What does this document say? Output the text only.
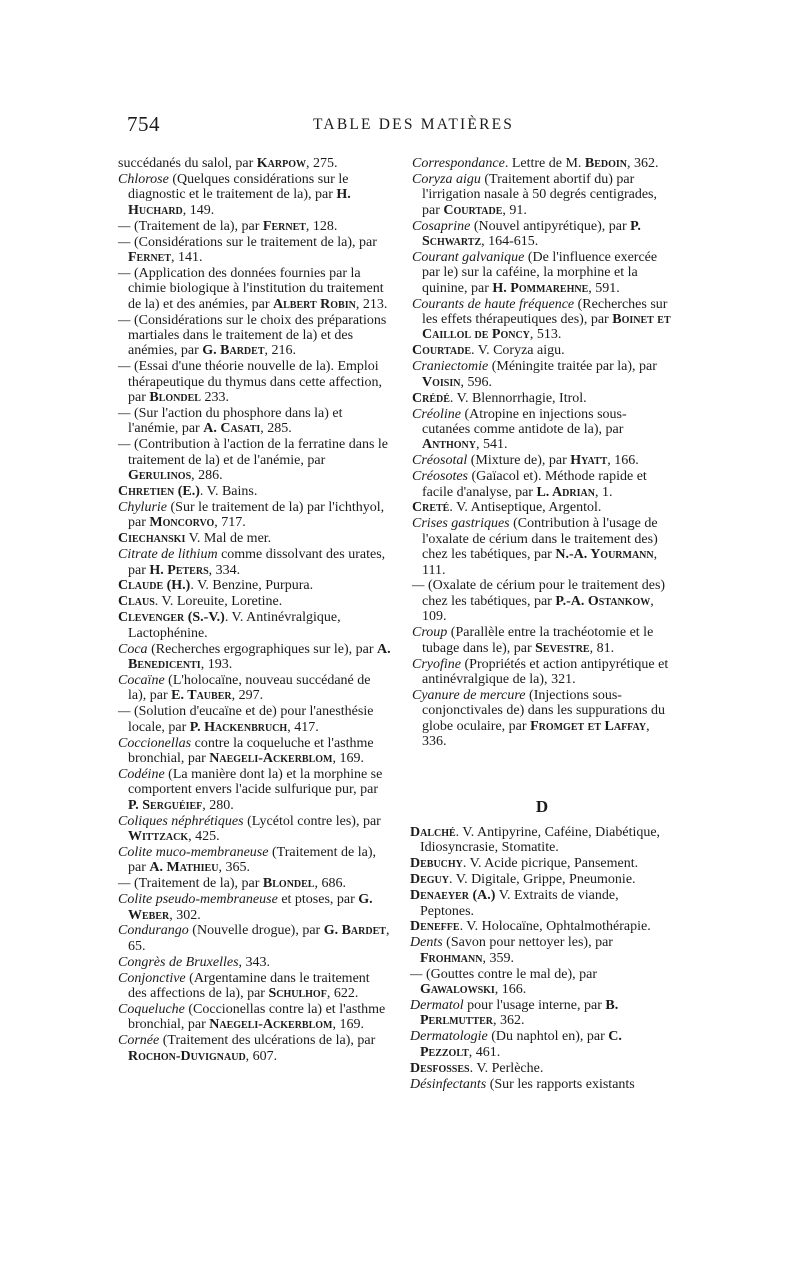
754	TABLE DES MATIÈRES
succédanés du salol, par Karpow, 275.
Chlorose (Quelques considérations sur le diagnostic et le traitement de la), par H. Huchard, 149.
— (Traitement de la), par Fernet, 128.
— (Considérations sur le traitement de la), par Fernet, 141.
— (Application des données fournies par la chimie biologique à l'institution du traitement de la) et des anémies, par Albert Robin, 213.
— (Considérations sur le choix des préparations martiales dans le traitement de la) et des anémies, par G. Bardet, 216.
— (Essai d'une théorie nouvelle de la). Emploi thérapeutique du thymus dans cette affection, par Blondel 233.
— (Sur l'action du phosphore dans la) et l'anémie, par A. Casati, 285.
— (Contribution à l'action de la ferratine dans le traitement de la) et de l'anémie, par Gerulinos, 286.
Chretien (E.). V. Bains.
Chylurie (Sur le traitement de la) par l'ichthyol, par Moncorvo, 717.
Ciechanski V. Mal de mer.
Citrate de lithium comme dissolvant des urates, par H. Peters, 334.
Claude (H.). V. Benzine, Purpura.
Claus. V. Loreuite, Loretine.
Clevenger (S.-V.). V. Antinévralgique, Lactophénine.
Coca (Recherches ergographiques sur le), par A. Benedicenti, 193.
Cocaïne (L'holocaïne, nouveau succédané de la), par E. Tauber, 297.
— (Solution d'eucaïne et de) pour l'anesthésie locale, par P. Hackenbruch, 417.
Coccionellas contre la coqueluche et l'asthme bronchial, par Naegeli-Ackerblom, 169.
Codéine (La manière dont la) et la morphine se comportent envers l'acide sulfurique pur, par P. Serguéief, 280.
Coliques néphrétiques (Lycétol contre les), par Wittzack, 425.
Colite muco-membraneuse (Traitement de la), par A. Mathieu, 365.
— (Traitement de la), par Blondel, 686.
Colite pseudo-membraneuse et ptoses, par G. Weber, 302.
Condurango (Nouvelle drogue), par G. Bardet, 65.
Congrès de Bruxelles, 343.
Conjonctive (Argentamine dans le traitement des affections de la), par Schulhof, 622.
Coqueluche (Coccionellas contre la) et l'asthme bronchial, par Naegeli-Ackerblom, 169.
Cornée (Traitement des ulcérations de la), par Rochon-Duvignaud, 607.
Correspondance. Lettre de M. Bedoin, 362.
Coryza aigu (Traitement abortif du) par l'irrigation nasale à 50 degrés centigrades, par Courtade, 91.
Cosaprine (Nouvel antipyrétique), par P. Schwartz, 164-615.
Courant galvanique (De l'influence exercée par le) sur la caféine, la morphine et la quinine, par H. Pommarehne, 591.
Courants de haute fréquence (Recherches sur les effets thérapeutiques des), par Boinet et Caillol de Poncy, 513.
Courtade. V. Coryza aigu.
Craniectomie (Méningite traitée par la), par Voisin, 596.
Crédé. V. Blennorrhagie, Itrol.
Créoline (Atropine en injections sous-cutanées comme antidote de la), par Anthony, 541.
Créosotal (Mixture de), par Hyatt, 166.
Créosotes (Gaïacol et). Méthode rapide et facile d'analyse, par L. Adrian, 1.
Creté. V. Antiseptique, Argentol.
Crises gastriques (Contribution à l'usage de l'oxalate de cérium dans le traitement des) chez les tabétiques, par N.-A. Yourmann, 111.
— (Oxalate de cérium pour le traitement des) chez les tabétiques, par P.-A. Ostankow, 109.
Croup (Parallèle entre la trachéotomie et le tubage dans le), par Sevestre, 81.
Cryofine (Propriétés et action antipyrétique et antinévralgique de la), 321.
Cyanure de mercure (Injections sous-conjonctivales de) dans les suppurations du globe oculaire, par Fromget et Laffay, 336.
D
Dalché. V. Antipyrine, Caféine, Diabétique, Idiosyncrasie, Stomatite.
Debuchy. V. Acide picrique, Pansement.
Deguy. V. Digitale, Grippe, Pneumonie.
Denaeyer (A.) V. Extraits de viande, Peptones.
Deneffe. V. Holocaïne, Ophtalmothérapie.
Dents (Savon pour nettoyer les), par Frohmann, 359.
— (Gouttes contre le mal de), par Gawalowski, 166.
Dermatol pour l'usage interne, par B. Perlmutter, 362.
Dermatologie (Du naphtol en), par C. Pezzolt, 461.
Desfosses. V. Perlèche.
Désinfectants (Sur les rapports existants
